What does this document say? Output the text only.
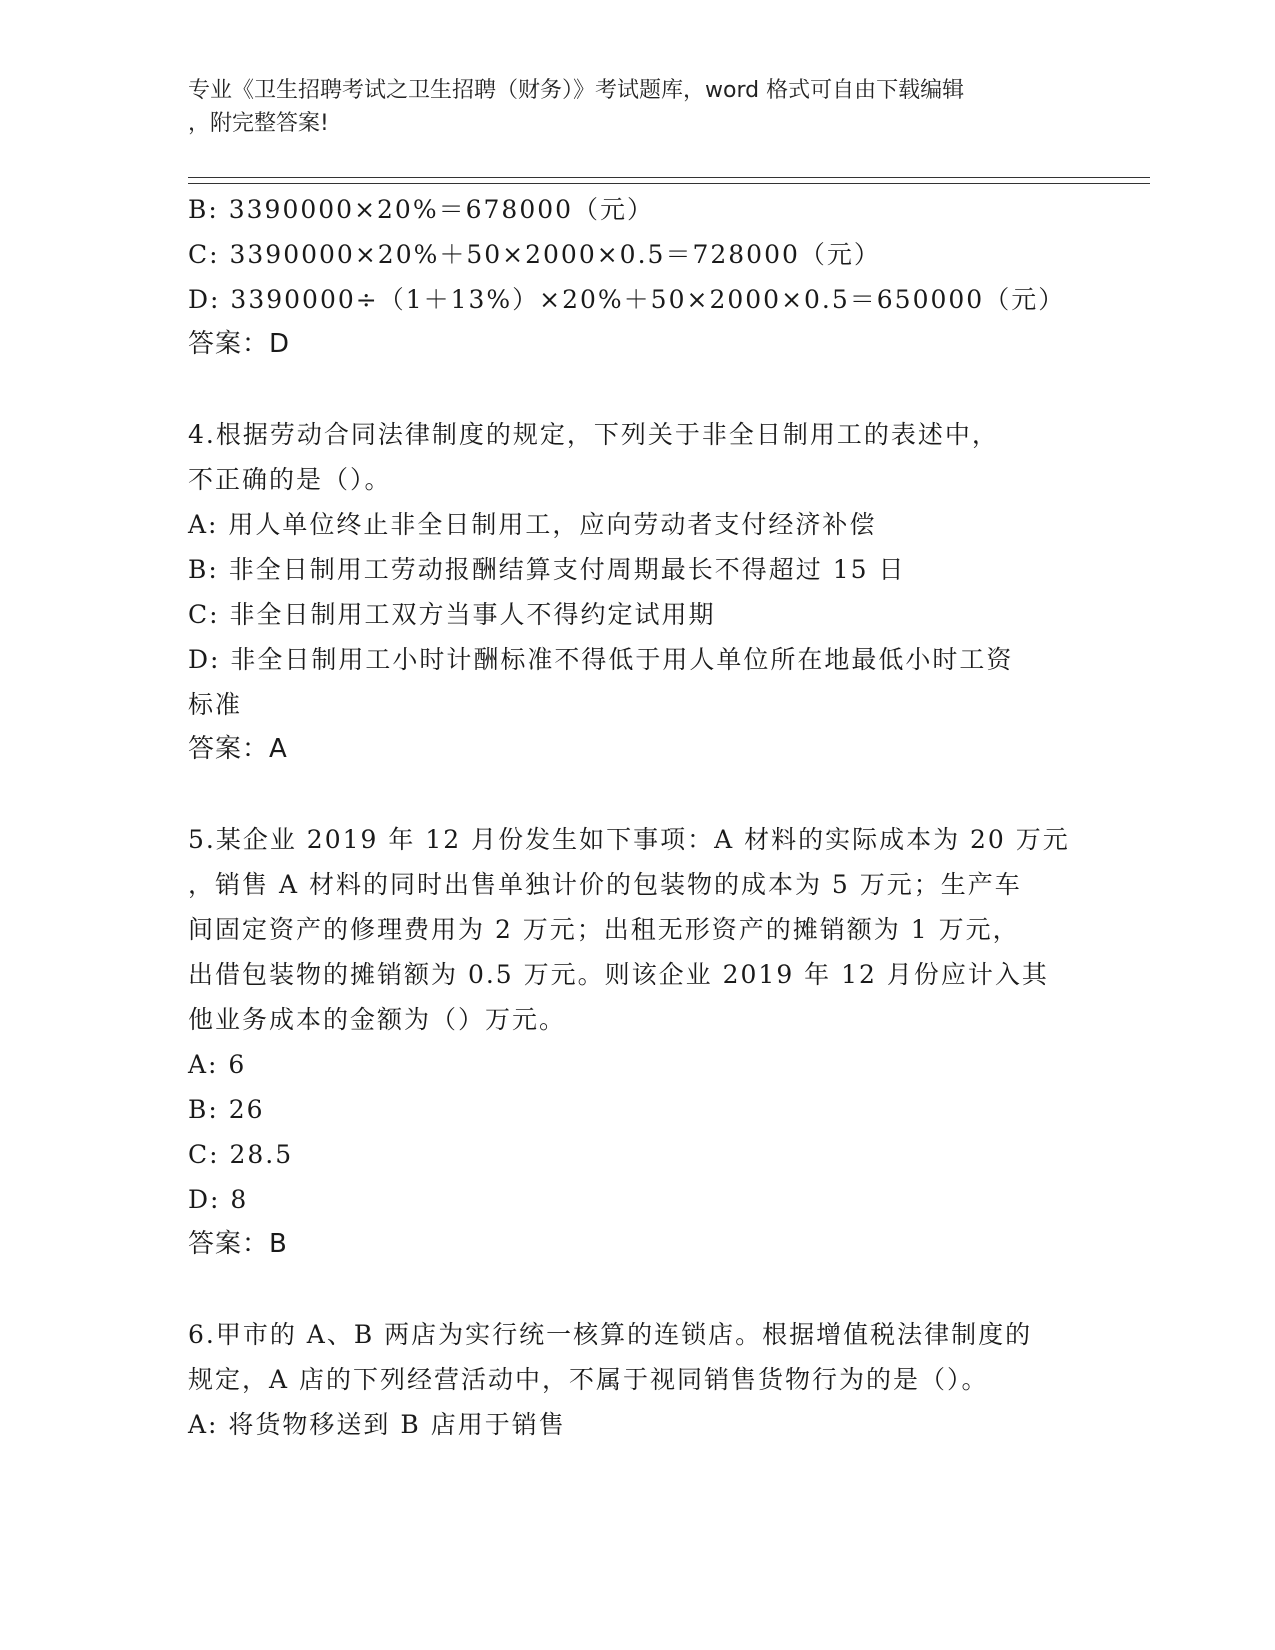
专业《卫生招聘考试之卫生招聘（财务）》考试题库，word 格式可自由下载编辑
，附完整答案!
B: 3390000×20%＝678000（元）
C: 3390000×20%＋50×2000×0.5＝728000（元）
D: 3390000÷（1＋13%）×20%＋50×2000×0.5＝650000（元）
答案：D
4.根据劳动合同法律制度的规定，下列关于非全日制用工的表述中，
不正确的是（）。
A: 用人单位终止非全日制用工，应向劳动者支付经济补偿
B: 非全日制用工劳动报酬结算支付周期最长不得超过 15 日
C: 非全日制用工双方当事人不得约定试用期
D: 非全日制用工小时计酬标准不得低于用人单位所在地最低小时工资
标准
答案：A
5.某企业 2019 年 12 月份发生如下事项：A 材料的实际成本为 20 万元
，销售 A 材料的同时出售单独计价的包装物的成本为 5 万元；生产车
间固定资产的修理费用为 2 万元；出租无形资产的摊销额为 1 万元，
出借包装物的摊销额为 0.5 万元。则该企业 2019 年 12 月份应计入其
他业务成本的金额为（）万元。
A: 6
B: 26
C: 28.5
D: 8
答案：B
6.甲市的 A、B 两店为实行统一核算的连锁店。根据增值税法律制度的
规定，A 店的下列经营活动中，不属于视同销售货物行为的是（）。
A: 将货物移送到 B 店用于销售
